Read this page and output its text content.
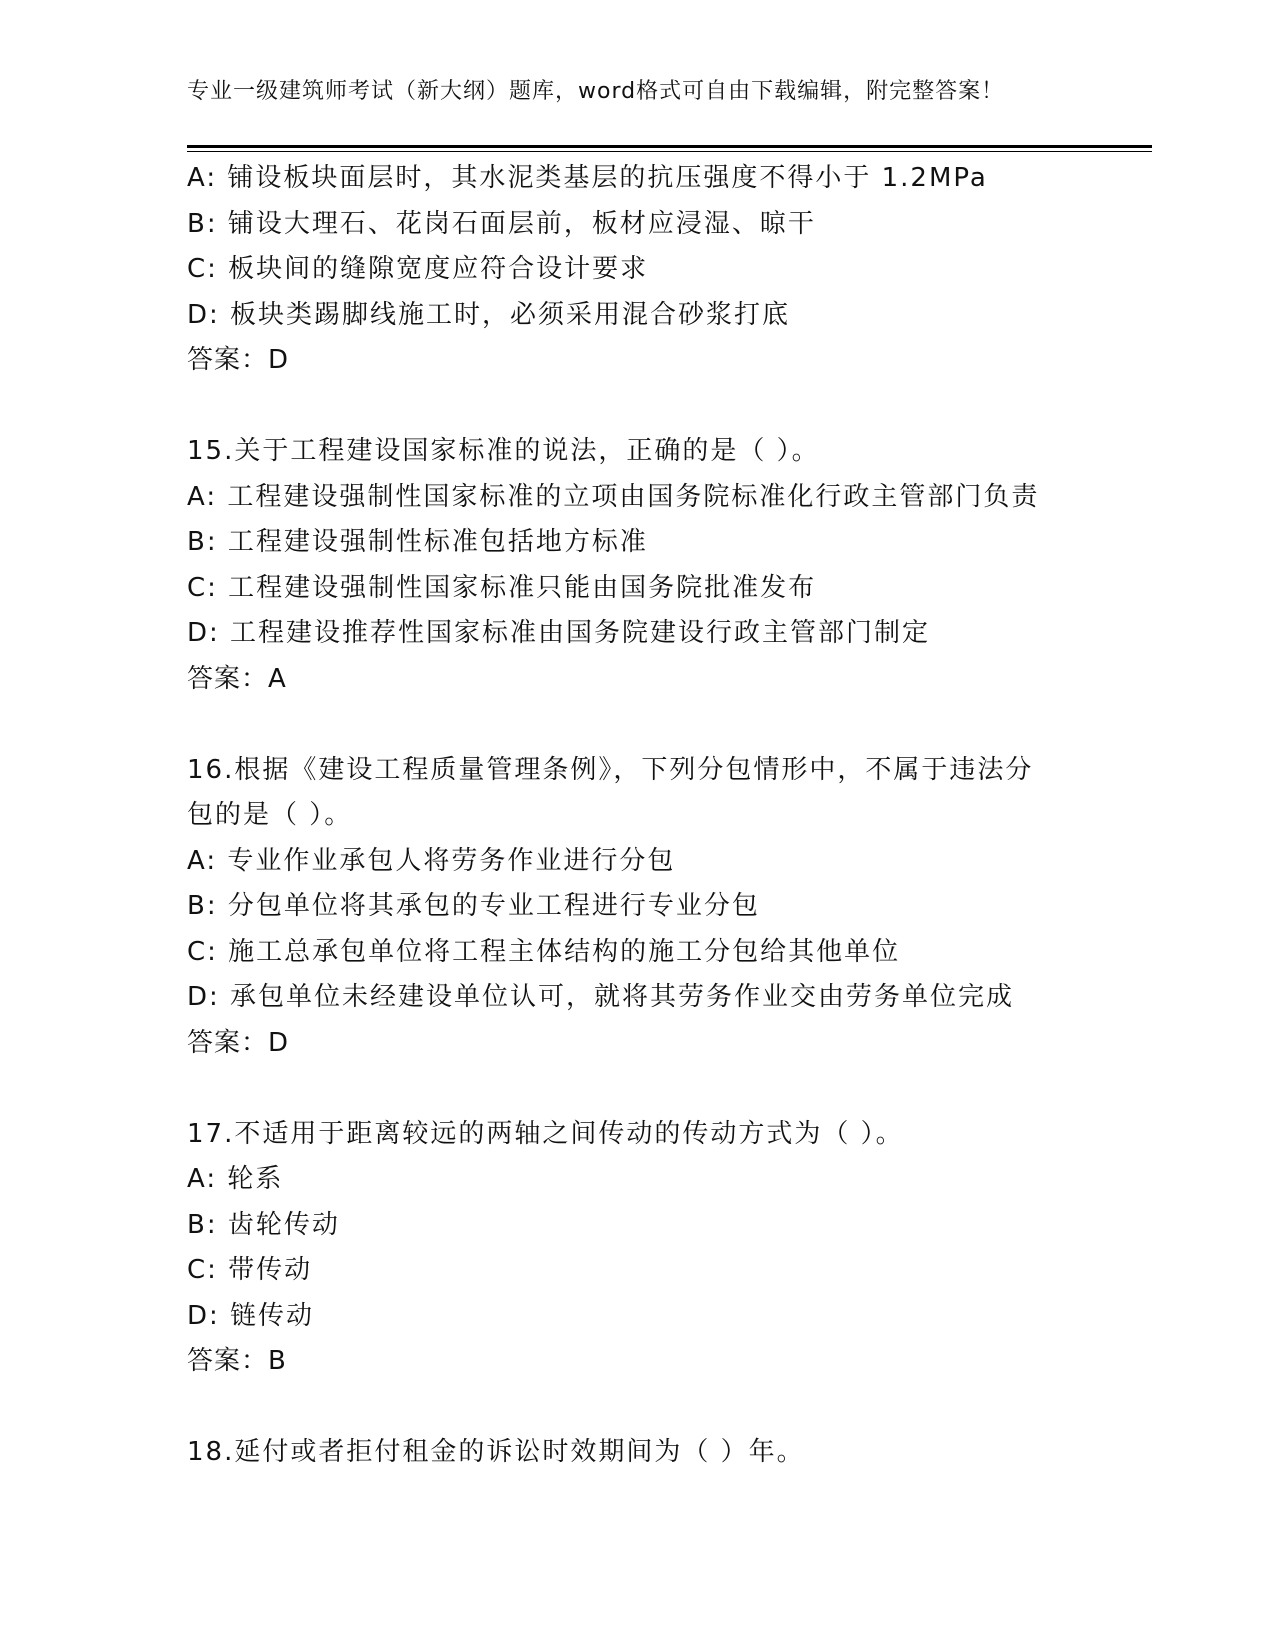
专业一级建筑师考试（新大纲）题库，word格式可自由下载编辑，附完整答案！
A: 铺设板块面层时，其水泥类基层的抗压强度不得小于 1.2MPa
B: 铺设大理石、花岗石面层前，板材应浸湿、晾干
C: 板块间的缝隙宽度应符合设计要求
D: 板块类踢脚线施工时，必须采用混合砂浆打底
答案：D
15.关于工程建设国家标准的说法，正确的是（ ）。
A: 工程建设强制性国家标准的立项由国务院标准化行政主管部门负责
B: 工程建设强制性标准包括地方标准
C: 工程建设强制性国家标准只能由国务院批准发布
D: 工程建设推荐性国家标准由国务院建设行政主管部门制定
答案：A
16.根据《建设工程质量管理条例》，下列分包情形中，不属于违法分
包的是（ ）。
A: 专业作业承包人将劳务作业进行分包
B: 分包单位将其承包的专业工程进行专业分包
C: 施工总承包单位将工程主体结构的施工分包给其他单位
D: 承包单位未经建设单位认可，就将其劳务作业交由劳务单位完成
答案：D
17.不适用于距离较远的两轴之间传动的传动方式为（ ）。
A: 轮系
B: 齿轮传动
C: 带传动
D: 链传动
答案：B
18.延付或者拒付租金的诉讼时效期间为（ ）年。
